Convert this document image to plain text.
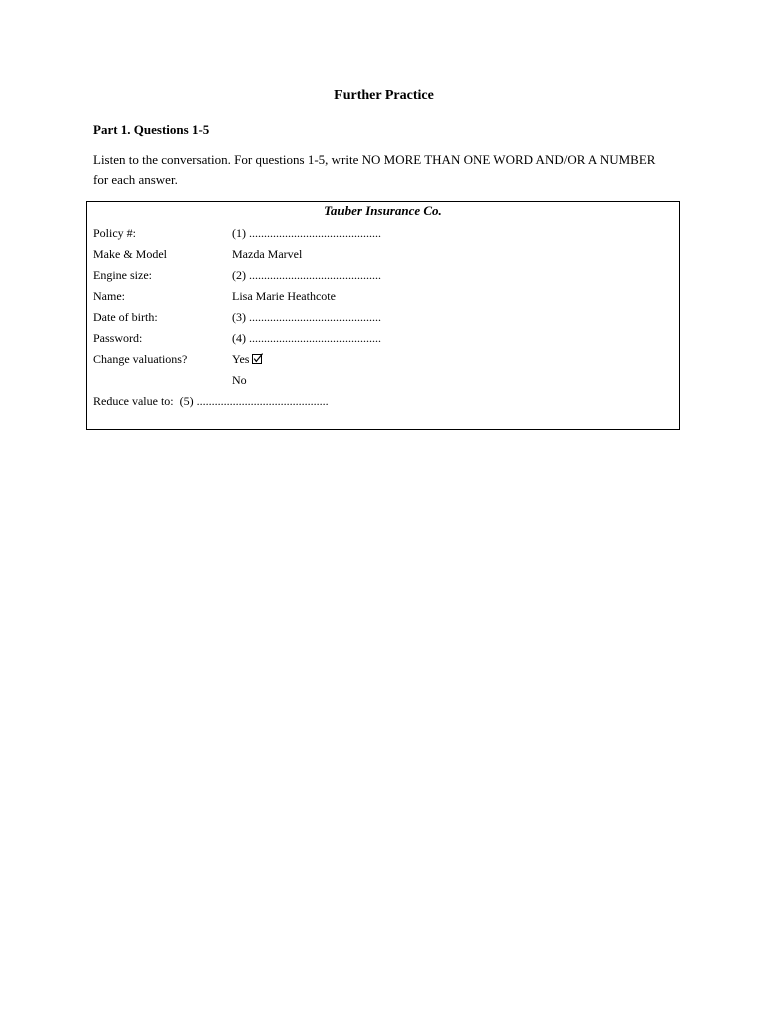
Further Practice
Part 1. Questions 1-5
Listen to the conversation. For questions 1-5, write NO MORE THAN ONE WORD AND/OR A NUMBER for each answer.
Tauber Insurance Co.
Policy #:	(1) ............................................
Make & Model	Mazda Marvel
Engine size:	(2) ............................................
Name:	Lisa Marie Heathcote
Date of birth:	(3) ............................................
Password:	(4) ............................................
Change valuations?	Yes
No
Reduce value to: (5) ............................................
